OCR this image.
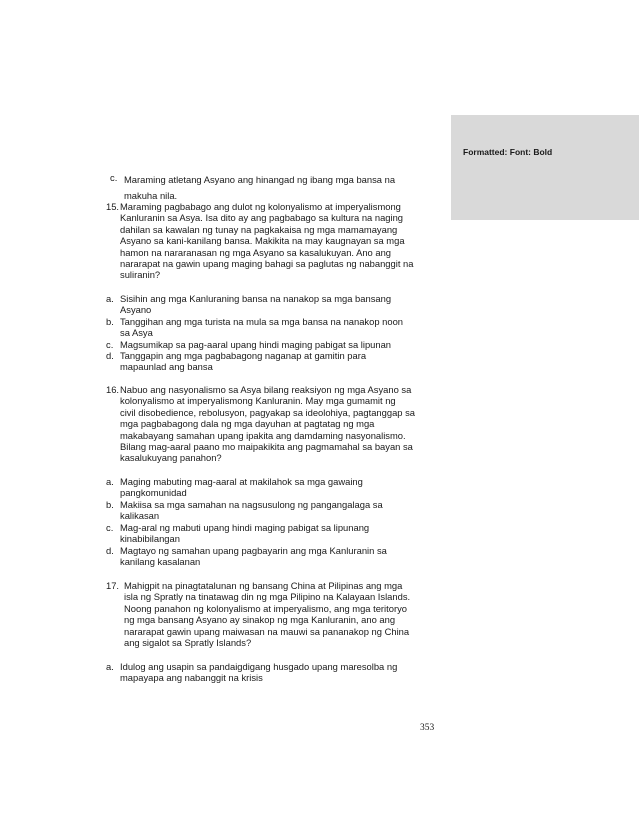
Formatted: Font: Bold
c. Maraming atletang Asyano ang hinangad ng ibang mga bansa na
makuha nila.
15. Maraming pagbabago ang dulot ng kolonyalismo at imperyalismong
Kanluranin sa Asya. Isa dito ay ang pagbabago sa kultura na naging
dahilan sa kawalan ng tunay na pagkakaisa ng mga mamamayang
Asyano sa kani-kanilang bansa. Makikita na may kaugnayan sa mga
hamon na nararanasan ng mga Asyano sa kasalukuyan. Ano ang
nararapat na gawin upang maging bahagi sa paglutas ng nabanggit na
suliranin?
a. Sisihin ang mga Kanluraning bansa na nanakop sa mga bansang
Asyano
b. Tanggihan ang mga turista na mula sa mga bansa na nanakop noon
sa Asya
c. Magsumikap sa pag-aaral upang hindi maging pabigat sa lipunan
d. Tanggapin ang mga pagbabagong naganap at gamitin para
mapaunlad ang bansa
16. Nabuo ang nasyonalismo sa Asya bilang reaksiyon ng mga Asyano sa
kolonyalismo at imperyalismong Kanluranin. May mga gumamit ng
civil disobedience, rebolusyon, pagyakap sa ideolohiya, pagtanggap sa
mga pagbabagong dala ng mga dayuhan at pagtatag ng mga
makabayang samahan upang ipakita ang damdaming nasyonalismo.
Bilang mag-aaral paano mo maipakikita ang pagmamahal sa bayan sa
kasalukuyang panahon?
a. Maging mabuting mag-aaral at makilahok sa mga gawaing
pangkomunidad
b. Makiisa sa mga samahan na nagsusulong ng pangangalaga sa
kalikasan
c. Mag-aral ng mabuti upang hindi maging pabigat sa lipunang
kinabibilangan
d. Magtayo ng samahan upang pagbayarin ang mga Kanluranin sa
kanilang kasalanan
17. Mahigpit na pinagtatalunan ng bansang China at Pilipinas ang mga
isla ng Spratly na tinatawag din ng mga Pilipino na Kalayaan Islands.
Noong panahon ng kolonyalismo at imperyalismo, ang mga teritoryo
ng mga bansang Asyano ay sinakop ng mga Kanluranin, ano ang
nararapat gawin upang maiwasan na mauwi sa pananakop ng China
ang sigalot sa Spratly Islands?
a. Idulog ang usapin sa pandaigdigang husgado upang maresolba ng
mapayapa ang nabanggit na krisis
353
